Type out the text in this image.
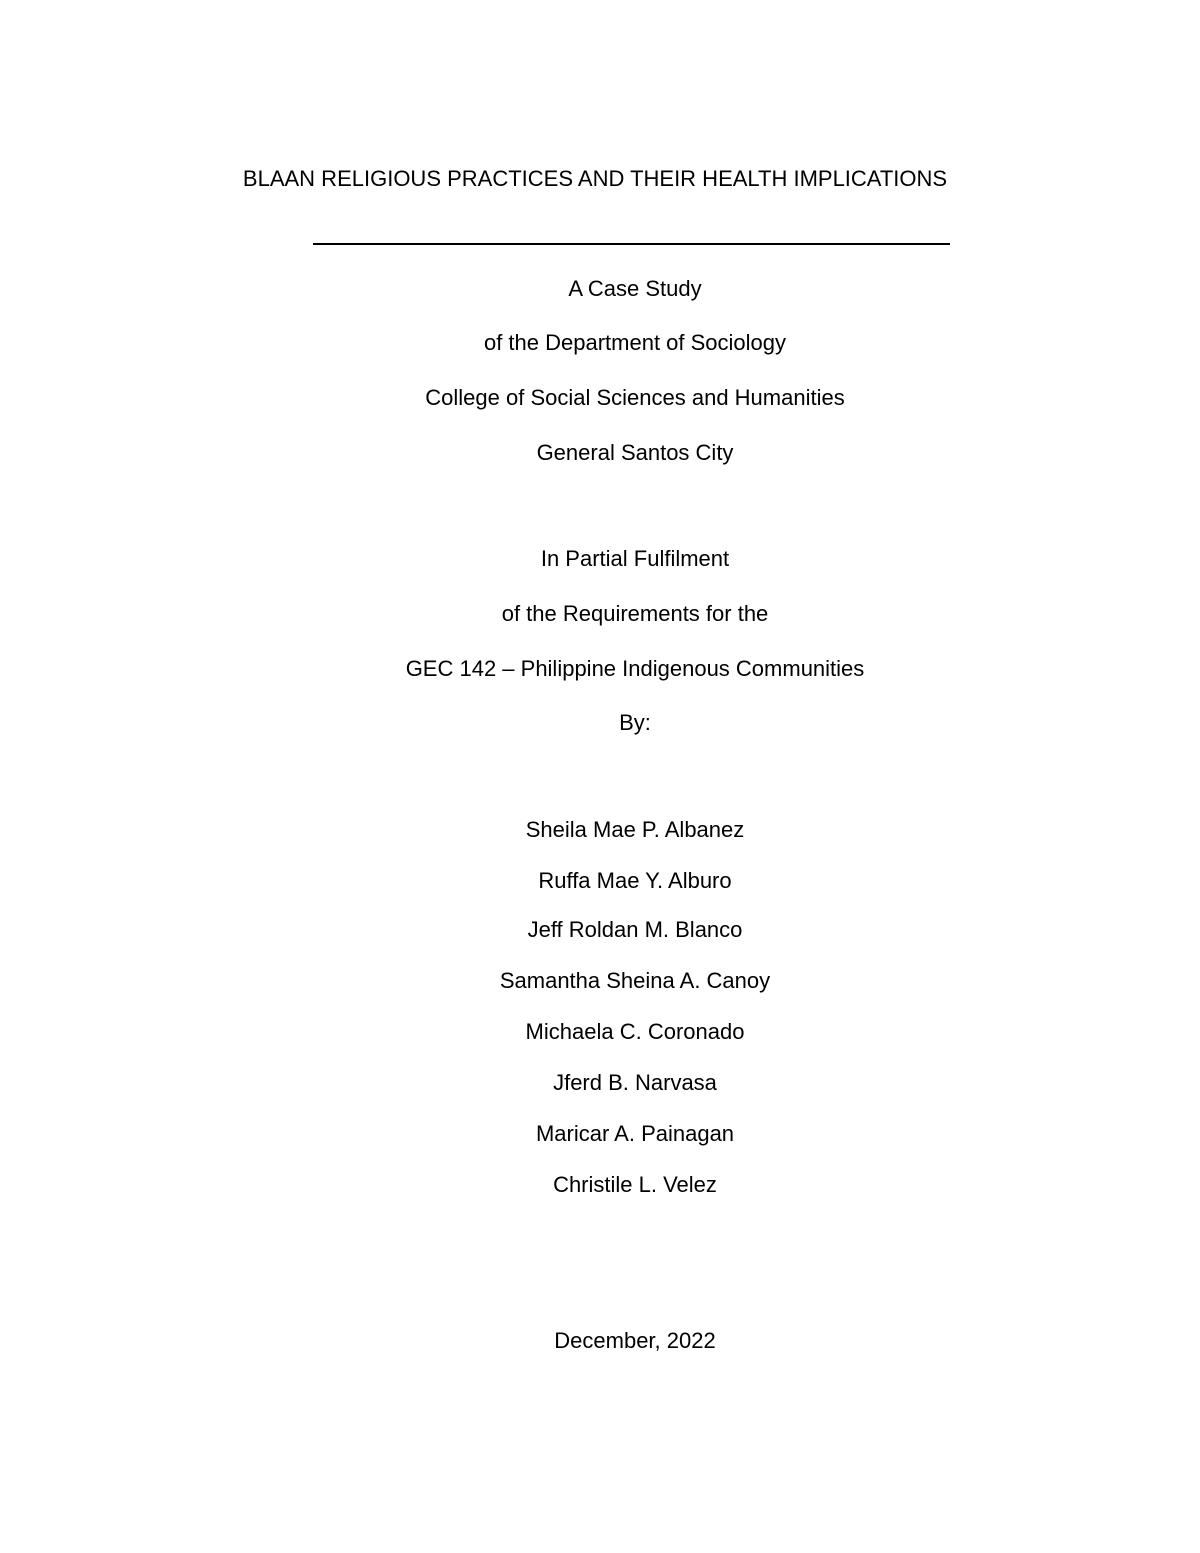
BLAAN RELIGIOUS PRACTICES AND THEIR HEALTH IMPLICATIONS
A Case Study
of the Department of Sociology
College of Social Sciences and Humanities
General Santos City
In Partial Fulfilment
of the Requirements for the
GEC 142 – Philippine Indigenous Communities
By:
Sheila Mae P. Albanez
Ruffa Mae Y. Alburo
Jeff Roldan M. Blanco
Samantha Sheina A. Canoy
Michaela C. Coronado
Jferd B. Narvasa
Maricar A. Painagan
Christile L. Velez
December, 2022
